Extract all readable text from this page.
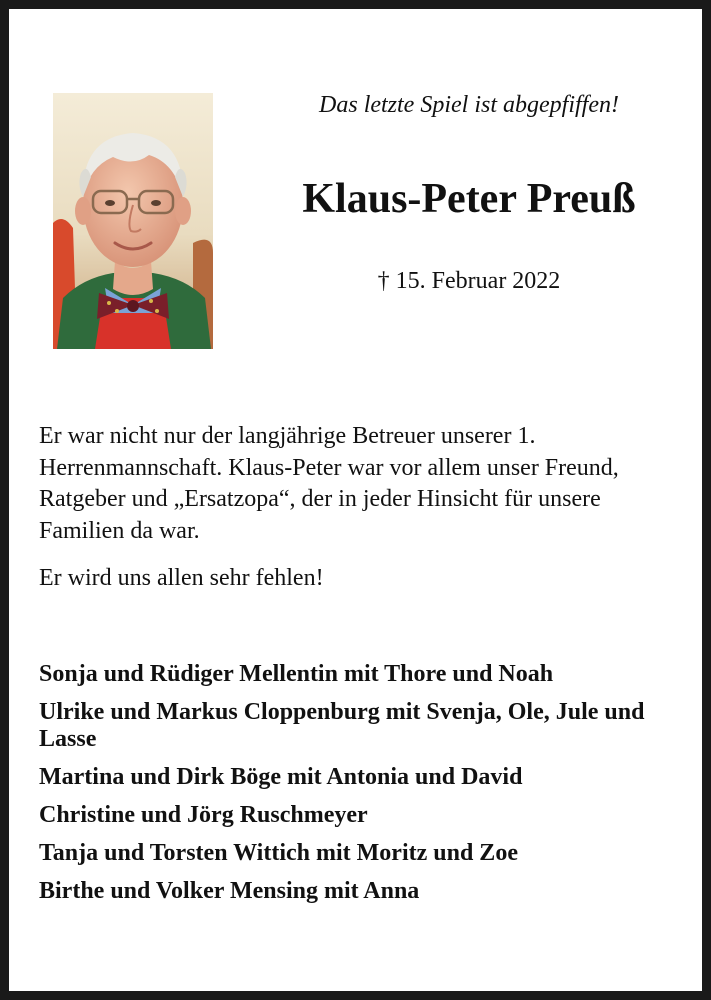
Das letzte Spiel ist abgepfiffen!
Klaus-Peter Preuß
† 15. Februar 2022

Er war nicht nur der langjährige Betreuer unserer 1. Herrenmannschaft. Klaus-Peter war vor allem unser Freund, Ratgeber und „Ersatzopa“, der in jeder Hinsicht für unsere Familien da war.

Er wird uns allen sehr fehlen!

Sonja und Rüdiger Mellentin mit Thore und Noah
Ulrike und Markus Cloppenburg mit Svenja, Ole, Jule und Lasse
Martina und Dirk Böge mit Antonia und David
Christine und Jörg Ruschmeyer
Tanja und Torsten Wittich mit Moritz und Zoe
Birthe und Volker Mensing mit Anna
